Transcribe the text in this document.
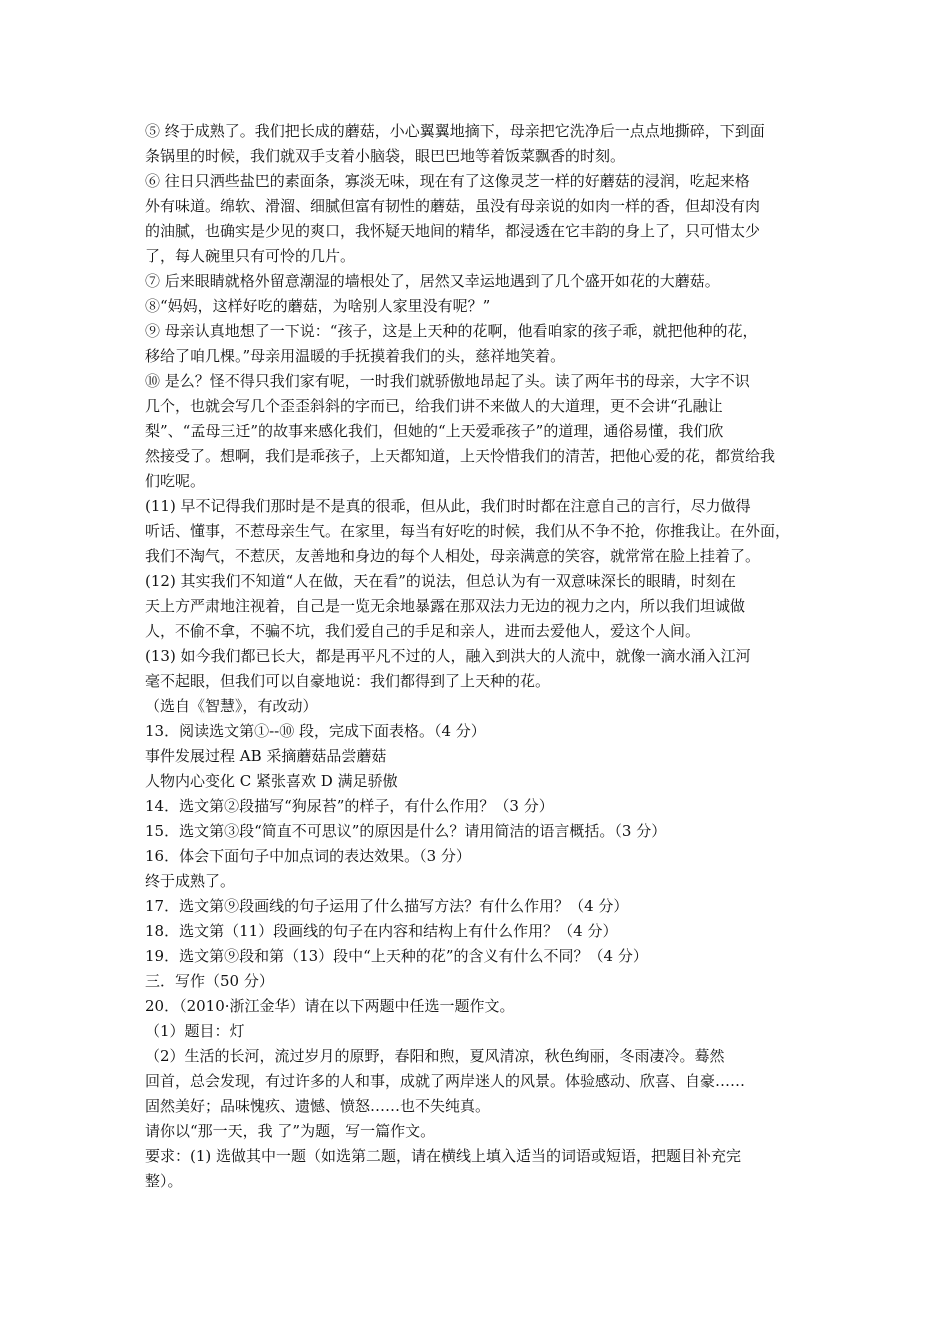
⑤ 终于成熟了。我们把长成的蘑菇，小心翼翼地摘下，母亲把它洗净后一点点地撕碎，下到面
条锅里的时候，我们就双手支着小脑袋，眼巴巴地等着饭菜飘香的时刻。
⑥ 往日只洒些盐巴的素面条，寡淡无味，现在有了这像灵芝一样的好蘑菇的浸润，吃起来格
外有味道。绵软、滑溜、细腻但富有韧性的蘑菇，虽没有母亲说的如肉一样的香，但却没有肉
的油腻，也确实是少见的爽口，我怀疑天地间的精华，都浸透在它丰韵的身上了，只可惜太少
了，每人碗里只有可怜的几片。
⑦ 后来眼睛就格外留意潮湿的墙根处了，居然又幸运地遇到了几个盛开如花的大蘑菇。
⑧“妈妈，这样好吃的蘑菇，为啥别人家里没有呢？”
⑨ 母亲认真地想了一下说：“孩子，这是上天种的花啊，他看咱家的孩子乖，就把他种的花，
移给了咱几棵。”母亲用温暖的手抚摸着我们的头，慈祥地笑着。
⑩ 是么？怪不得只我们家有呢，一时我们就骄傲地昂起了头。读了两年书的母亲，大字不识
几个，也就会写几个歪歪斜斜的字而已，给我们讲不来做人的大道理，更不会讲“孔融让
梨”、“孟母三迁”的故事来感化我们，但她的“上天爱乖孩子”的道理，通俗易懂，我们欣
然接受了。想啊，我们是乖孩子，上天都知道，上天怜惜我们的清苦，把他心爱的花，都赏给我
们吃呢。
(11) 早不记得我们那时是不是真的很乖，但从此，我们时时都在注意自己的言行，尽力做得
听话、懂事，不惹母亲生气。在家里，每当有好吃的时候，我们从不争不抢，你推我让。在外面，
我们不淘气，不惹厌，友善地和身边的每个人相处，母亲满意的笑容，就常常在脸上挂着了。
(12) 其实我们不知道“人在做，天在看”的说法，但总认为有一双意味深长的眼睛，时刻在
天上方严肃地注视着，自己是一览无余地暴露在那双法力无边的视力之内，所以我们坦诚做
人，不偷不拿，不骗不坑，我们爱自己的手足和亲人，进而去爱他人，爱这个人间。
(13) 如今我们都已长大，都是再平凡不过的人，融入到洪大的人流中，就像一滴水涌入江河
毫不起眼，但我们可以自豪地说：我们都得到了上天种的花。
（选自《智慧》，有改动）
13．阅读选文第①--⑩ 段，完成下面表格。（4 分）
事件发展过程 AB 采摘蘑菇品尝蘑菇
人物内心变化 C 紧张喜欢 D 满足骄傲
14．选文第②段描写“狗尿苔”的样子，有什么作用？（3 分）
15．选文第③段“简直不可思议”的原因是什么？请用简洁的语言概括。（3 分）
16．体会下面句子中加点词的表达效果。（3 分）
终于成熟了。
17．选文第⑨段画线的句子运用了什么描写方法？有什么作用？（4 分）
18．选文第（11）段画线的句子在内容和结构上有什么作用？（4 分）
19．选文第⑨段和第（13）段中“上天种的花”的含义有什么不同？（4 分）
三．写作（50 分）
20．（2010·浙江金华）请在以下两题中任选一题作文。
（1）题目：灯
（2）生活的长河，流过岁月的原野，春阳和煦，夏风清凉，秋色绚丽，冬雨凄冷。蓦然
回首，总会发现，有过许多的人和事，成就了两岸迷人的风景。体验感动、欣喜、自豪……
固然美好；品味愧疚、遗憾、愤怒……也不失纯真。
请你以“那一天，我 了”为题，写一篇作文。
要求：(1) 选做其中一题（如选第二题，请在横线上填入适当的词语或短语，把题目补充完
整）。
